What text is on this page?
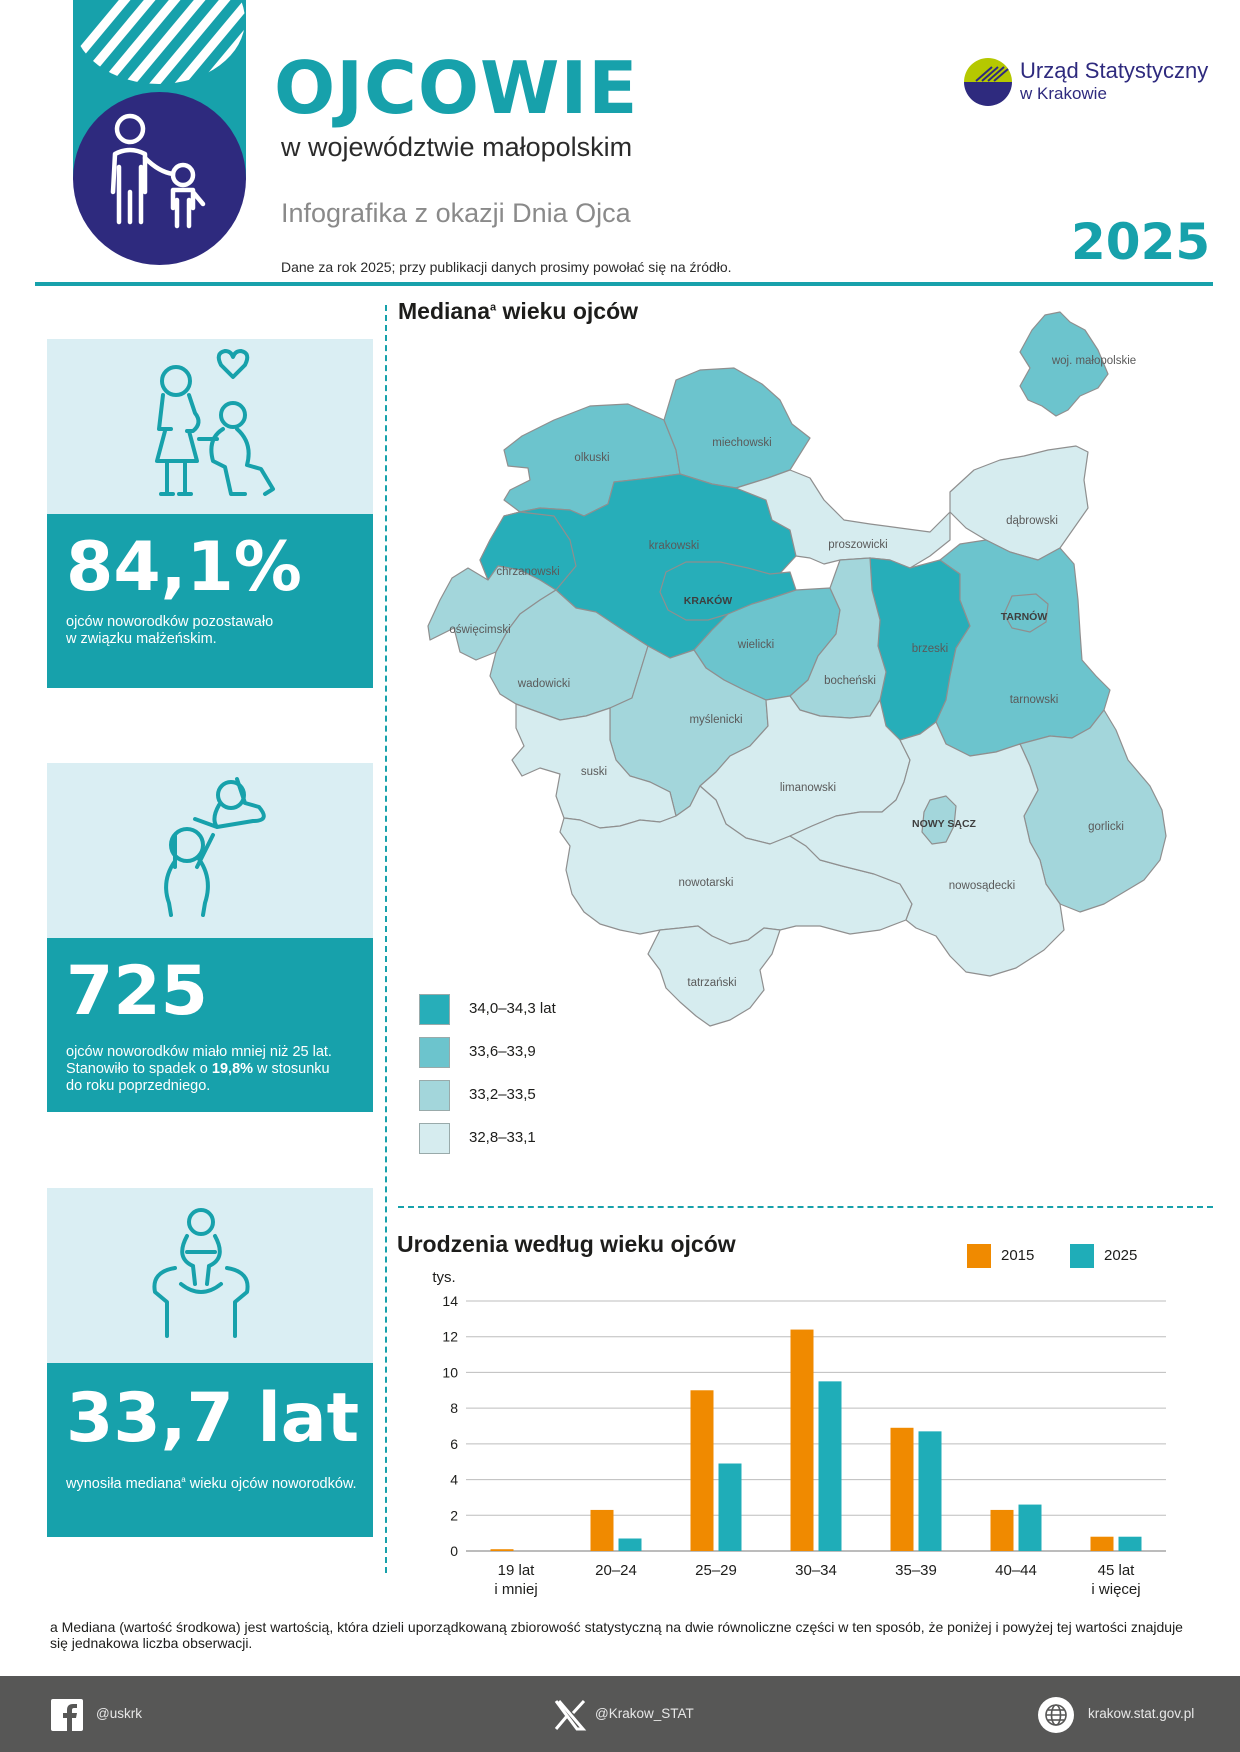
OJCOWIE
w województwie małopolskim
Infografika z okazji Dnia Ojca
Dane za rok 2025; przy publikacji danych prosimy powołać się na źródło.	2025
Urząd Statystyczny
w Krakowie
84,1%
ojców noworodków pozostawało
w związku małżeńskim.
725
ojców noworodków miało mniej niż 25 lat.
Stanowiło to spadek o 19,8% w stosunku
do roku poprzedniego.
33,7 lat
wynosiła mediana$^a$ wieku ojców noworodków.
Mediana$^a$ wieku ojców
woj. małopolskie
olkuski
miechowski
dąbrowski
krakowski	proszowicki
chrzanowski
KRAKÓW
TARNÓW
oświęcimski
wielicki	brzeski
bocheński
wadowicki
myślenicki
tarnowski
suski
limanowski
NOWY SĄCZ	gorlicki
nowotarski	nowosądecki
tatrzański
34,0–34,3 lat
33,6–33,9
33,2–33,5
32,8–33,1
Urodzenia według wieku ojców	2015	2025
tys.
0
2
4
6
8
10
12
14
19 lat
i mniej
20–24	25–29	30–34	35–39	40–44	45 lat
i więcej
a Mediana (wartość środkowa) jest wartością, która dzieli uporządkowaną zbiorowość statystyczną na dwie równoliczne części w ten sposób, że poniżej i powyżej tej wartości znajduje się jednakowa liczba obserwacji.
@uskrk	@Krakow_STAT	krakow.stat.gov.pl
